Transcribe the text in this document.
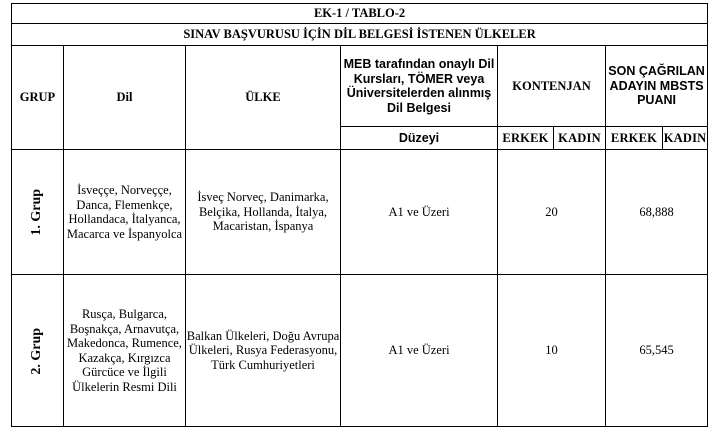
EK-1 / TABLO-2							
SINAV BAŞVURUSU İÇİN DİL BELGESİ İSTENEN ÜLKELER							
GRUP	Dil	ÜLKE	MEB tarafından onaylı Dil Kursları, TÖMER veya Üniversitelerden alınmış Dil Belgesi	KONTENJAN		SON ÇAĞRILAN ADAYIN MBSTS PUANI	
			Düzeyi	ERKEK	KADIN	ERKEK	KADIN
1. Grup	İsveççe, Norveççe, Danca, Flemenkçe, Hollandaca, İtalyanca, Macarca ve İspanyolca	İsveç Norveç, Danimarka, Belçika, Hollanda, İtalya, Macaristan, İspanya	A1 ve Üzeri	20		68,888	
2. Grup	Rusça, Bulgarca, Boşnakça, Arnavutça, Makedonca, Rumence, Kazakça, Kırgızca Gürcüce ve İlgili Ülkelerin Resmi Dili	Balkan Ülkeleri, Doğu Avrupa Ülkeleri, Rusya Federasyonu, Türk Cumhuriyetleri	A1 ve Üzeri	10		65,545	
